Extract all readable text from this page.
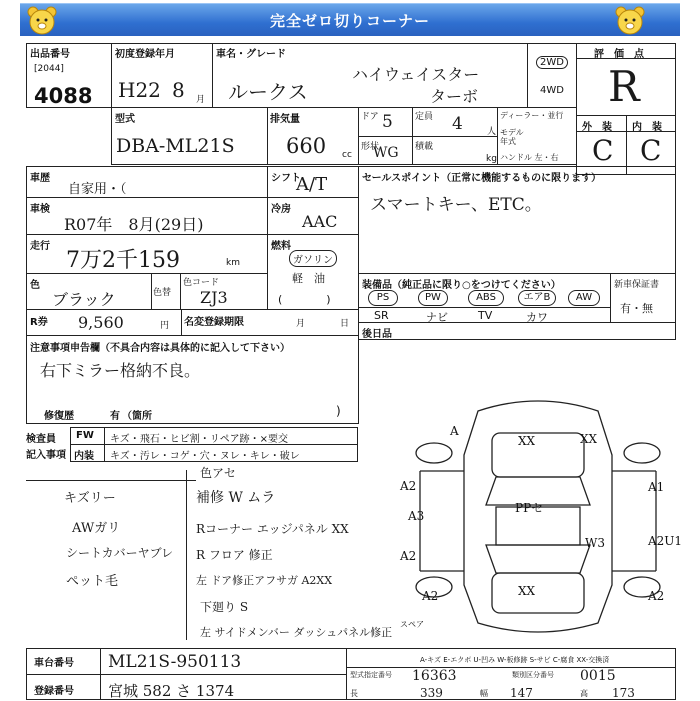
完全ゼロ切りコーナー
出品番号
[2044]
4088
初度登録年月
H22 8 月
車名・グレード
ルークス
ハイウェイスター
ターボ
2WD
4WD
評　価　点
R
型式
DBA-ML21S
排気量
660 cc
ドア 5 定員 4	人
形状
WG 積載
kg
ディーラー・並行
モデル年式
ハンドル 左・右
外　装 内　装
C C
車歴
自家用・（
シフト
A/T
車検
R07年　8月(29日)
冷房
AAC
走行
7万2千159	km
燃料
ガソリン
軽　油
(　　　　)
色
ブラック	色替
色コード
ZJ3
R券 9,560	円 名変登録期限	月	日
セールスポイント（正常に機能するものに限ります）
スマートキー、ETC。
装備品（純正品に限り○をつけてください）
PS	PW	ABS	エアB	AW
SR	ナビ	TV	カワ
新車保証書
有・無
後日品
注意事項申告欄（不具合内容は具体的に記入して下さい）
右下ミラー格納不良。
修復歴	有 （箇所	)
検査員
記入事項
FW キズ・飛石・ヒビ割・リペア跡・×要交
内装 キズ・汚レ・コゲ・穴・ヌレ・キレ・破レ
キズリー
AWガリ
シートカバーヤブレ
ペット毛
色アセ
補修 W ムラ
Rコーナー エッジパネル XX
R フロア 修正
左 ドア修正アフサガ A2XX
下廻り S
左 サイドメンバー ダッシュパネル修正
XX	XX
A
A2	A1
A3
A2
PPセ
W3	A2U1
A2	A2
XX
スペア
車台番号 ML21S-950113
登録番号 宮城 582 さ 1374
A-キズ E-エクボ U-凹み W-板修跡 S-サビ C-腐食 XX-交換済
型式指定番号 16363	類別区分番号 0015
長	339	幅 147	高 173
